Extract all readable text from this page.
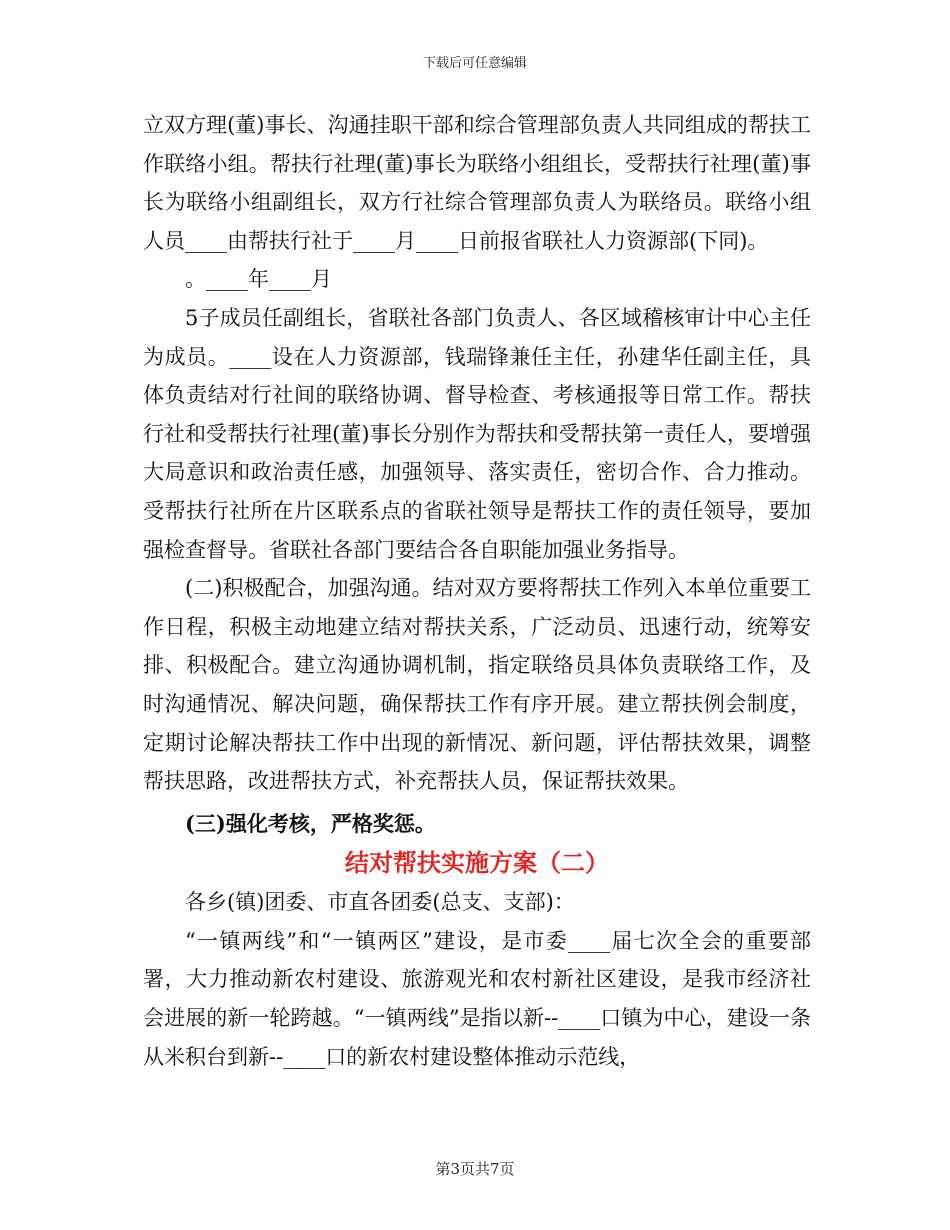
下载后可任意编辑

立双方理(董)事长、沟通挂职干部和综合管理部负责人共同组成的帮扶工作联络小组。帮扶行社理(董)事长为联络小组组长，受帮扶行社理(董)事长为联络小组副组长，双方行社综合管理部负责人为联络员。联络小组人员____由帮扶行社于____月____日前报省联社人力资源部(下同)。

。____年____月

5子成员任副组长，省联社各部门负责人、各区域稽核审计中心主任为成员。____设在人力资源部，钱瑞锋兼任主任，孙建华任副主任，具体负责结对行社间的联络协调、督导检查、考核通报等日常工作。帮扶行社和受帮扶行社理(董)事长分别作为帮扶和受帮扶第一责任人，要增强大局意识和政治责任感，加强领导、落实责任，密切合作、合力推动。受帮扶行社所在片区联系点的省联社领导是帮扶工作的责任领导，要加强检查督导。省联社各部门要结合各自职能加强业务指导。

(二)积极配合，加强沟通。结对双方要将帮扶工作列入本单位重要工作日程，积极主动地建立结对帮扶关系，广泛动员、迅速行动，统筹安排、积极配合。建立沟通协调机制，指定联络员具体负责联络工作，及时沟通情况、解决问题，确保帮扶工作有序开展。建立帮扶例会制度，定期讨论解决帮扶工作中出现的新情况、新问题，评估帮扶效果，调整帮扶思路，改进帮扶方式，补充帮扶人员，保证帮扶效果。

(三)强化考核，严格奖惩。

结对帮扶实施方案（二）

各乡(镇)团委、市直各团委(总支、支部)：

“一镇两线”和“一镇两区”建设，是市委____届七次全会的重要部署，大力推动新农村建设、旅游观光和农村新社区建设，是我市经济社会进展的新一轮跨越。“一镇两线”是指以新--____口镇为中心，建设一条从米积台到新--____口的新农村建设整体推动示范线，

第3页共7页
